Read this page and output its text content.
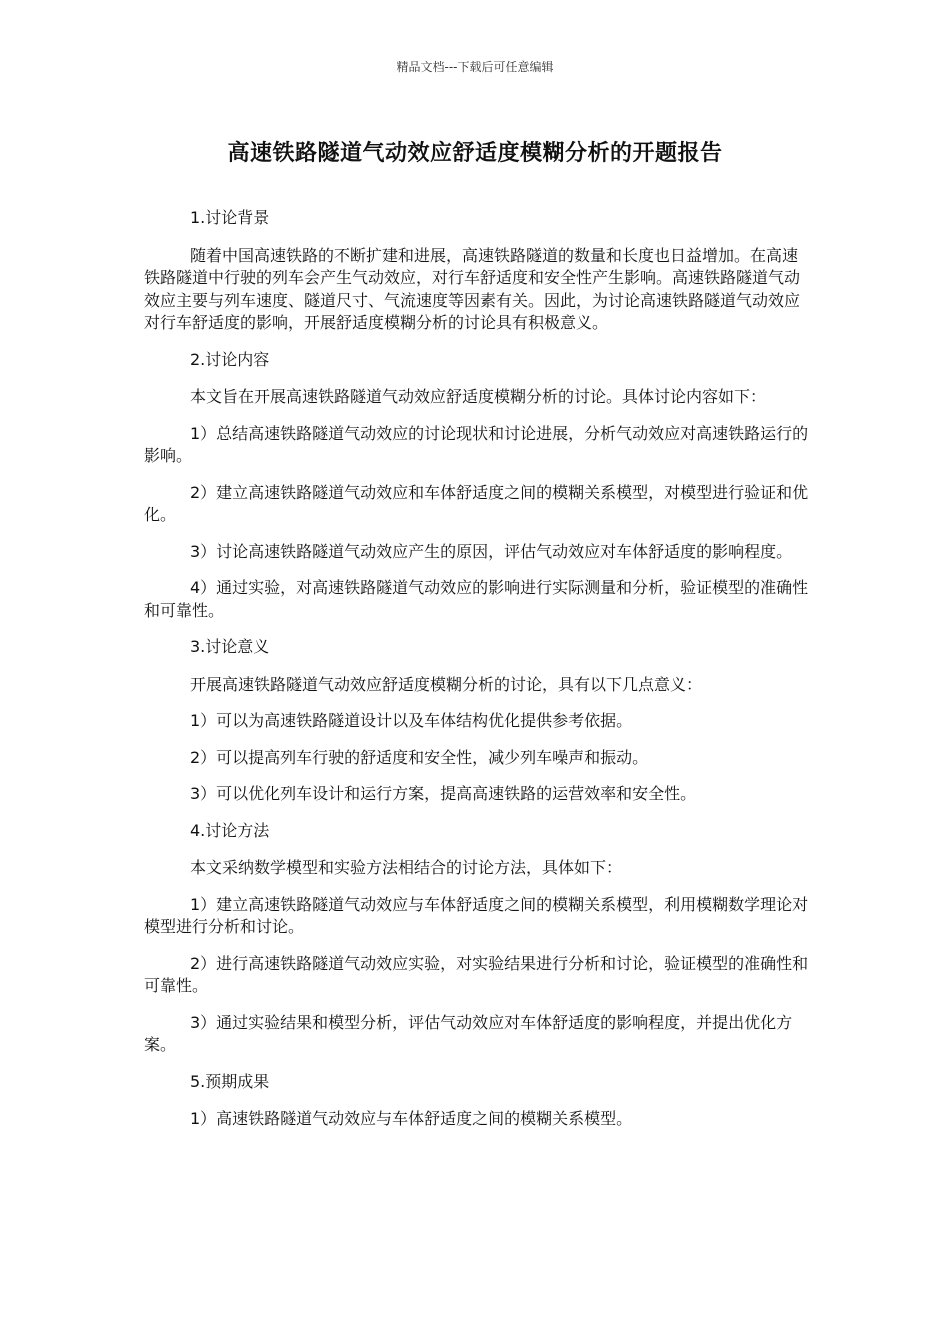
精品文档---下载后可任意编辑
高速铁路隧道气动效应舒适度模糊分析的开题报告

1.讨论背景

随着中国高速铁路的不断扩建和进展，高速铁路隧道的数量和长度也日益增加。在高速铁路隧道中行驶的列车会产生气动效应，对行车舒适度和安全性产生影响。高速铁路隧道气动效应主要与列车速度、隧道尺寸、气流速度等因素有关。因此，为讨论高速铁路隧道气动效应对行车舒适度的影响，开展舒适度模糊分析的讨论具有积极意义。

2.讨论内容

本文旨在开展高速铁路隧道气动效应舒适度模糊分析的讨论。具体讨论内容如下：

1）总结高速铁路隧道气动效应的讨论现状和讨论进展，分析气动效应对高速铁路运行的影响。

2）建立高速铁路隧道气动效应和车体舒适度之间的模糊关系模型，对模型进行验证和优化。

3）讨论高速铁路隧道气动效应产生的原因，评估气动效应对车体舒适度的影响程度。

4）通过实验，对高速铁路隧道气动效应的影响进行实际测量和分析，验证模型的准确性和可靠性。

3.讨论意义

开展高速铁路隧道气动效应舒适度模糊分析的讨论，具有以下几点意义：

1）可以为高速铁路隧道设计以及车体结构优化提供参考依据。

2）可以提高列车行驶的舒适度和安全性，减少列车噪声和振动。

3）可以优化列车设计和运行方案，提高高速铁路的运营效率和安全性。

4.讨论方法

本文采纳数学模型和实验方法相结合的讨论方法，具体如下：

1）建立高速铁路隧道气动效应与车体舒适度之间的模糊关系模型，利用模糊数学理论对模型进行分析和讨论。

2）进行高速铁路隧道气动效应实验，对实验结果进行分析和讨论，验证模型的准确性和可靠性。

3）通过实验结果和模型分析，评估气动效应对车体舒适度的影响程度，并提出优化方案。

5.预期成果

1）高速铁路隧道气动效应与车体舒适度之间的模糊关系模型。
